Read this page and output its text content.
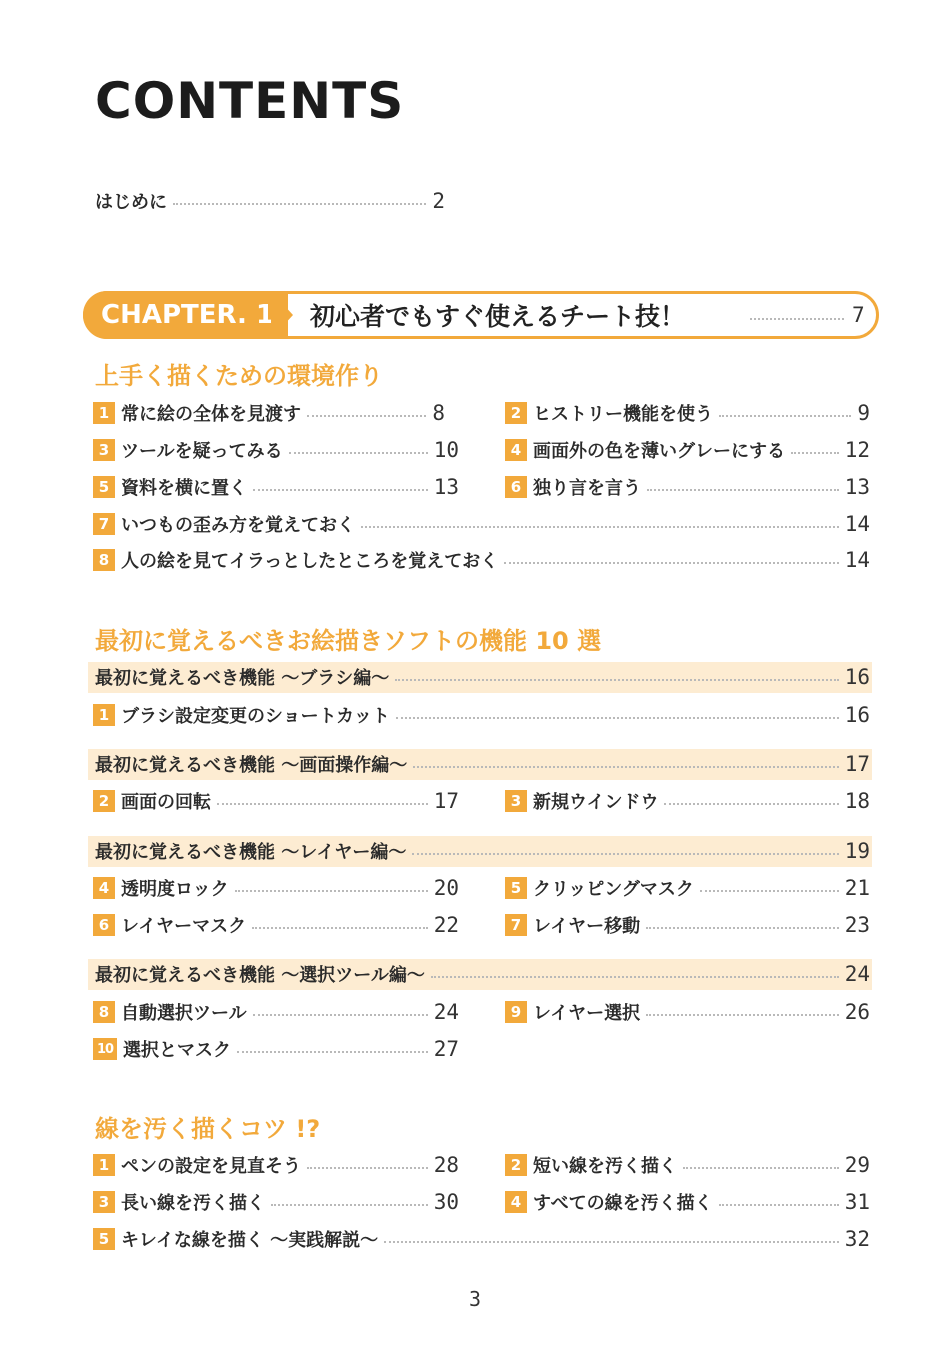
CONTENTS
はじめに	2
CHAPTER. 1	初心者でもすぐ使えるチート技！	7
上手く描くための環境作り
1 常に絵の全体を見渡す	8	2 ヒストリー機能を使う	9
3 ツールを疑ってみる	10	4 画面外の色を薄いグレーにする	12
5 資料を横に置く	13	6 独り言を言う	13
7 いつもの歪み方を覚えておく	14
8 人の絵を見てイラっとしたところを覚えておく	14
最初に覚えるべきお絵描きソフトの機能 10 選
最初に覚えるべき機能 〜ブラシ編〜	16
1 ブラシ設定変更のショートカット	16
最初に覚えるべき機能 〜画面操作編〜	17
2 画面の回転	17	3 新規ウインドウ	18
最初に覚えるべき機能 〜レイヤー編〜	19
4 透明度ロック	20	5 クリッピングマスク	21
6 レイヤーマスク	22	7 レイヤー移動	23
最初に覚えるべき機能 〜選択ツール編〜	24
8 自動選択ツール	24	9 レイヤー選択	26
10 選択とマスク	27
線を汚く描くコツ !?
1 ペンの設定を見直そう	28	2 短い線を汚く描く	29
3 長い線を汚く描く	30	4 すべての線を汚く描く	31
5 キレイな線を描く 〜実践解説〜	32
3
